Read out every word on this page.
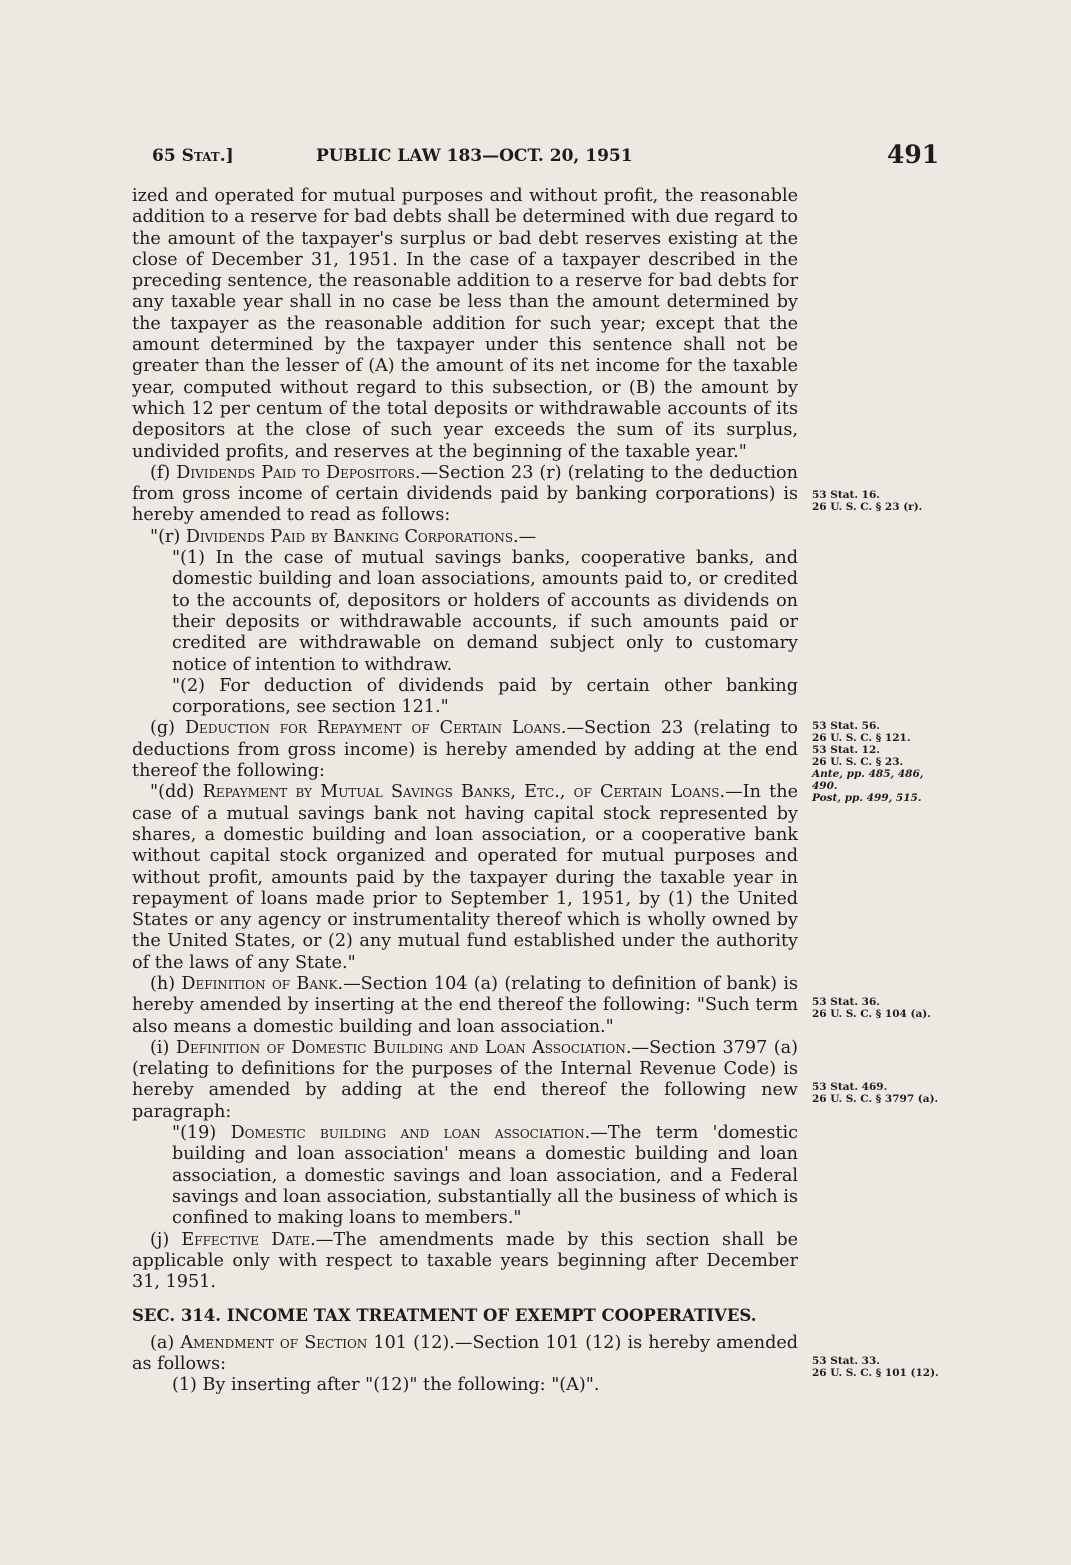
65 Stat.]	PUBLIC LAW 183—OCT. 20, 1951	491

ized and operated for mutual purposes and without profit, the reasonable addition to a reserve for bad debts shall be determined with due regard to the amount of the taxpayer's surplus or bad debt reserves existing at the close of December 31, 1951. In the case of a taxpayer described in the preceding sentence, the reasonable addition to a reserve for bad debts for any taxable year shall in no case be less than the amount determined by the taxpayer as the reasonable addition for such year; except that the amount determined by the taxpayer under this sentence shall not be greater than the lesser of (A) the amount of its net income for the taxable year, computed without regard to this subsection, or (B) the amount by which 12 per centum of the total deposits or withdrawable accounts of its depositors at the close of such year exceeds the sum of its surplus, undivided profits, and reserves at the beginning of the taxable year."

(f) Dividends Paid to Depositors.—Section 23 (r) (relating to the deduction from gross income of certain dividends paid by banking corporations) is hereby amended to read as follows:

"(r) Dividends Paid by Banking Corporations.—

"(1) In the case of mutual savings banks, cooperative banks, and domestic building and loan associations, amounts paid to, or credited to the accounts of, depositors or holders of accounts as dividends on their deposits or withdrawable accounts, if such amounts paid or credited are withdrawable on demand subject only to customary notice of intention to withdraw.

"(2) For deduction of dividends paid by certain other banking corporations, see section 121."

(g) Deduction for Repayment of Certain Loans.—Section 23 (relating to deductions from gross income) is hereby amended by adding at the end thereof the following:

"(dd) Repayment by Mutual Savings Banks, Etc., of Certain Loans.—In the case of a mutual savings bank not having capital stock represented by shares, a domestic building and loan association, or a cooperative bank without capital stock organized and operated for mutual purposes and without profit, amounts paid by the taxpayer during the taxable year in repayment of loans made prior to September 1, 1951, by (1) the United States or any agency or instrumentality thereof which is wholly owned by the United States, or (2) any mutual fund established under the authority of the laws of any State."

(h) Definition of Bank.—Section 104 (a) (relating to definition of bank) is hereby amended by inserting at the end thereof the following: "Such term also means a domestic building and loan association."

(i) Definition of Domestic Building and Loan Association.—Section 3797 (a) (relating to definitions for the purposes of the Internal Revenue Code) is hereby amended by adding at the end thereof the following new paragraph:

"(19) Domestic building and loan association.—The term 'domestic building and loan association' means a domestic building and loan association, a domestic savings and loan association, and a Federal savings and loan association, substantially all the business of which is confined to making loans to members."

(j) Effective Date.—The amendments made by this section shall be applicable only with respect to taxable years beginning after December 31, 1951.

SEC. 314. INCOME TAX TREATMENT OF EXEMPT COOPERATIVES.

(a) Amendment of Section 101 (12).—Section 101 (12) is hereby amended as follows:

(1) By inserting after "(12)" the following: "(A)".

53 Stat. 16.
26 U. S. C. § 23 (r).
53 Stat. 56.
26 U. S. C. § 121.
53 Stat. 12.
26 U. S. C. § 23.
Ante, pp. 485, 486, 490.
Post, pp. 499, 515.
53 Stat. 36.
26 U. S. C. § 104 (a).
53 Stat. 469.
26 U. S. C. § 3797 (a).
53 Stat. 33.
26 U. S. C. § 101 (12).
